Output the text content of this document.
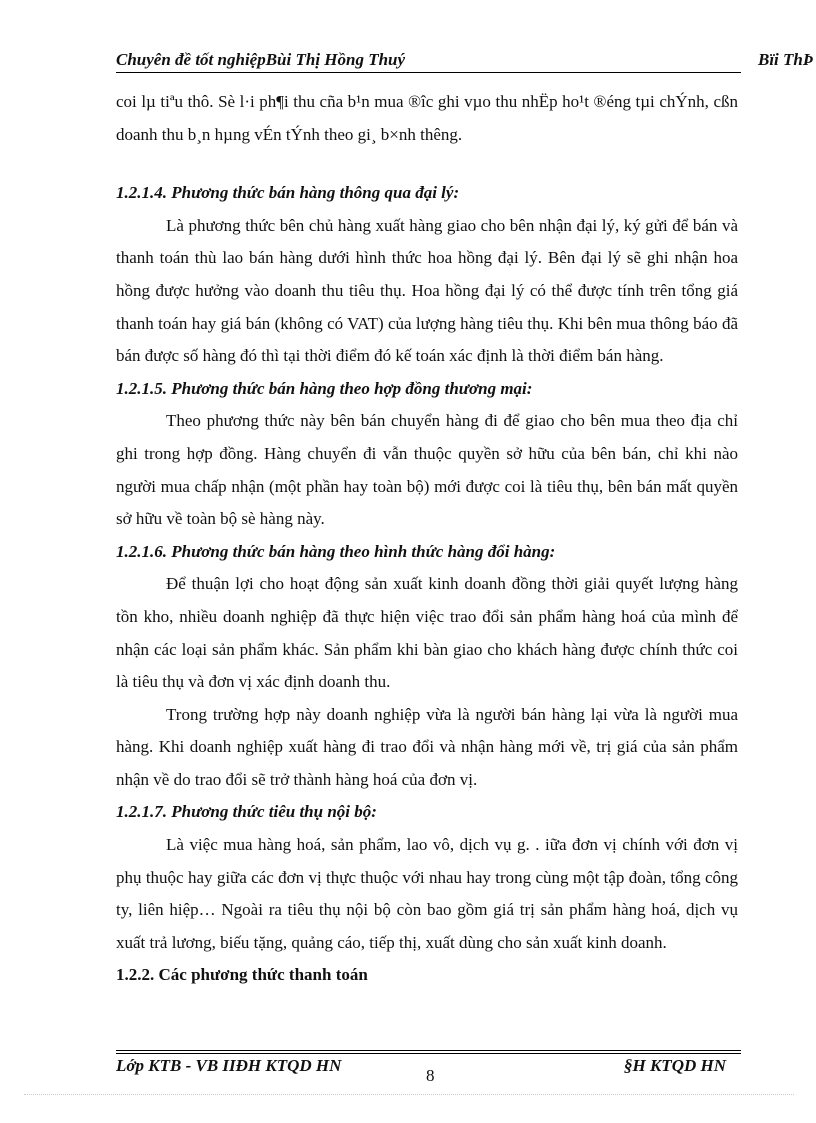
Chuyên đề tốt nghiệpBùi Thị Hồng Thuý	Bïi ThÞ

coi lµ tiªu thô. Sè l·i ph¶i thu cña b¹n mua ®îc ghi vµo thu nhËp ho¹t ®éng tµi chÝnh, cßn doanh thu b¸n hµng vÉn tÝnh theo gi¸ b×nh thêng.

1.2.1.4. Phương thức bán hàng thông qua đại lý:

Là phương thức bên chủ hàng xuất hàng giao cho bên nhận đại lý, ký gửi để bán và thanh toán thù lao bán hàng dưới hình thức hoa hồng đại lý. Bên đại lý sẽ ghi nhận hoa hồng được hưởng vào doanh thu tiêu thụ. Hoa hồng đại lý có thể được tính trên tổng giá thanh toán hay giá bán (không có VAT) của lượng hàng tiêu thụ. Khi bên mua thông báo đã bán được số hàng đó thì tại thời điểm đó kế toán xác định là thời điểm bán hàng.

1.2.1.5. Phương thức bán hàng theo hợp đồng thương mại:

Theo phương thức này bên bán chuyển hàng đi để giao cho bên mua theo địa chỉ ghi trong hợp đồng. Hàng chuyển đi vẫn thuộc quyền sở hữu của bên bán, chỉ khi nào người mua chấp nhận (một phần hay toàn bộ) mới được coi là tiêu thụ, bên bán mất quyền sở hữu về toàn bộ sè hàng này.

1.2.1.6. Phương thức bán hàng theo hình thức hàng đổi hàng:

Để thuận lợi cho hoạt động sản xuất kinh doanh đồng thời giải quyết lượng hàng tồn kho, nhiều doanh nghiệp đã thực hiện việc trao đổi sản phẩm hàng hoá của mình để nhận các loại sản phẩm khác. Sản phẩm khi bàn giao cho khách hàng được chính thức coi là tiêu thụ và đơn vị xác định doanh thu.

Trong trường hợp này doanh nghiệp vừa là người bán hàng lại vừa là người mua hàng. Khi doanh nghiệp xuất hàng đi trao đổi và nhận hàng mới về, trị giá của sản phẩm nhận về do trao đổi sẽ trở thành hàng hoá của đơn vị.

1.2.1.7. Phương thức tiêu thụ nội bộ:

Là việc mua hàng hoá, sản phẩm, lao vô, dịch vụ g. . iữa đơn vị chính với đơn vị phụ thuộc hay giữa các đơn vị thực thuộc với nhau hay trong cùng một tập đoàn, tổng công ty, liên hiệp… Ngoài ra tiêu thụ nội bộ còn bao gồm giá trị sản phẩm hàng hoá, dịch vụ xuất trả lương, biếu tặng, quảng cáo, tiếp thị, xuất dùng cho sản xuất kinh doanh.

1.2.2. Các phương thức thanh toán
Lớp KTB - VB IIĐH KTQD HN
8
§H KTQD HN
